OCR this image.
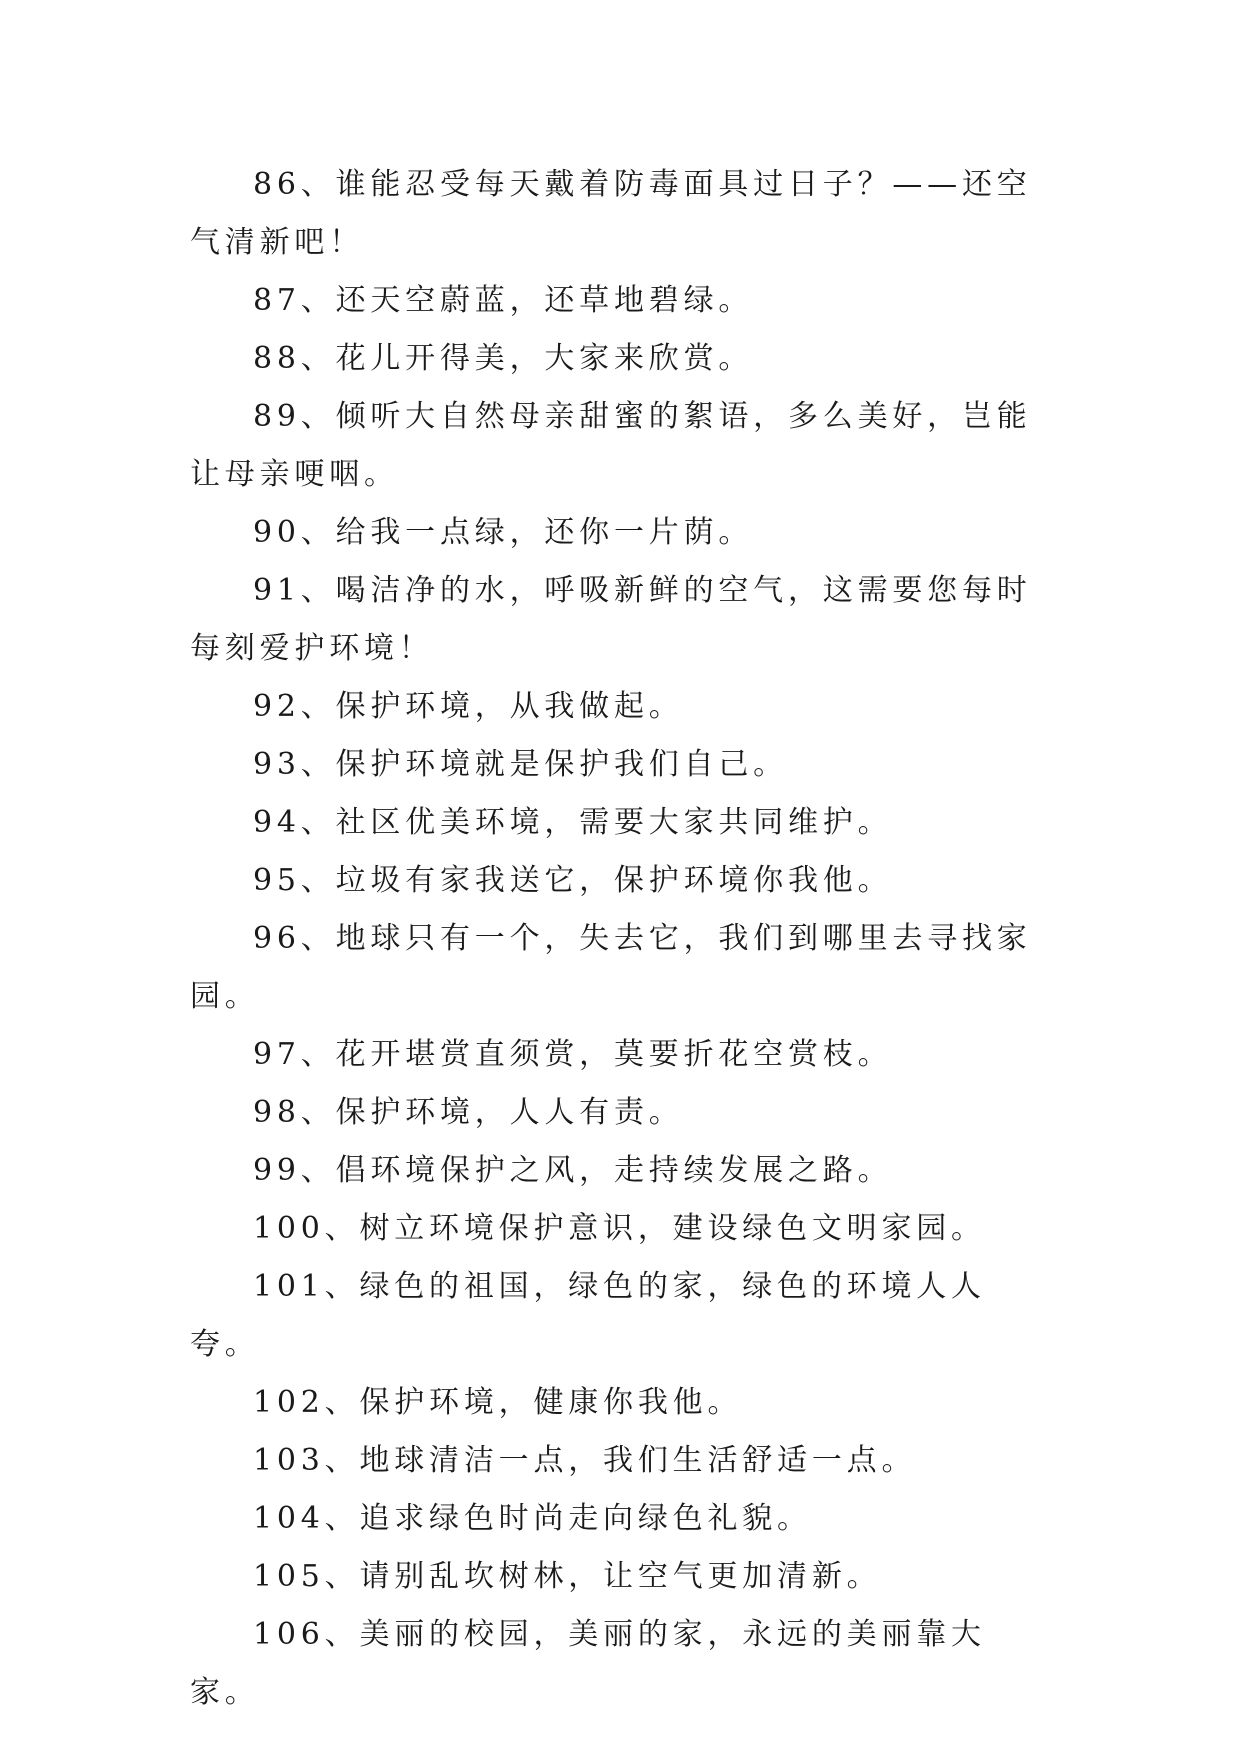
86、谁能忍受每天戴着防毒面具过日子？——还空气清新吧！

87、还天空蔚蓝，还草地碧绿。

88、花儿开得美，大家来欣赏。

89、倾听大自然母亲甜蜜的絮语，多么美好，岂能让母亲哽咽。

90、给我一点绿，还你一片荫。

91、喝洁净的水，呼吸新鲜的空气，这需要您每时每刻爱护环境！

92、保护环境，从我做起。

93、保护环境就是保护我们自己。

94、社区优美环境，需要大家共同维护。

95、垃圾有家我送它，保护环境你我他。

96、地球只有一个，失去它，我们到哪里去寻找家园。

97、花开堪赏直须赏，莫要折花空赏枝。

98、保护环境，人人有责。

99、倡环境保护之风，走持续发展之路。

100、树立环境保护意识，建设绿色文明家园。

101、绿色的祖国，绿色的家，绿色的环境人人夸。

102、保护环境，健康你我他。

103、地球清洁一点，我们生活舒适一点。

104、追求绿色时尚走向绿色礼貌。

105、请别乱坎树林，让空气更加清新。

106、美丽的校园，美丽的家，永远的美丽靠大家。
